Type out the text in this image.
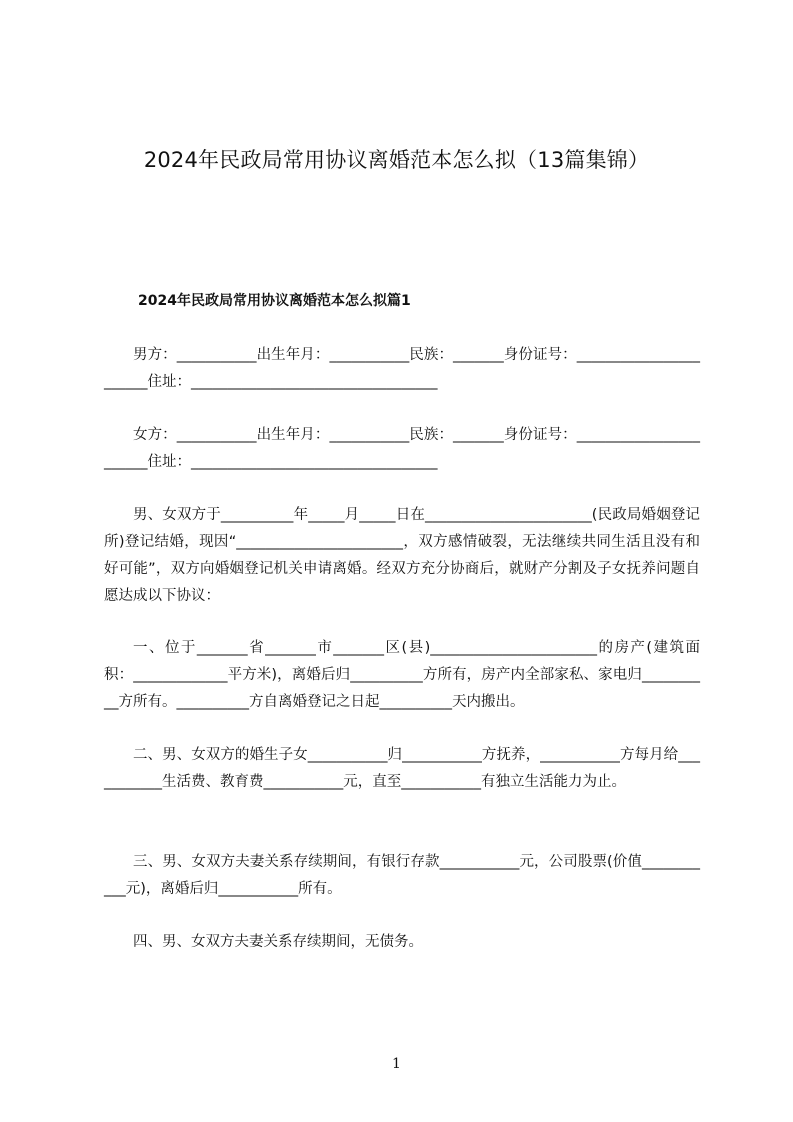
2024年民政局常用协议离婚范本怎么拟（13篇集锦）
2024年民政局常用协议离婚范本怎么拟篇1

男方：___________出生年月：___________民族：_______身份证号：_______________________住址：__________________________________

女方：___________出生年月：___________民族：_______身份证号：_______________________住址：__________________________________

男、女双方于__________年_____月_____日在_______________________(民政局婚姻登记所)登记结婚，现因“_______________________，双方感情破裂，无法继续共同生活且没有和好可能”，双方向婚姻登记机关申请离婚。经双方充分协商后，就财产分割及子女抚养问题自愿达成以下协议：

一、位于_______省_______市_______区(县)_______________________的房产(建筑面积：_____________平方米)，离婚后归__________方所有，房产内全部家私、家电归__________方所有。__________方自离婚登记之日起__________天内搬出。

二、男、女双方的婚生子女___________归___________方抚养，___________方每月给___________生活费、教育费___________元，直至___________有独立生活能力为止。

三、男、女双方夫妻关系存续期间，有银行存款___________元，公司股票(价值___________元)，离婚后归___________所有。

四、男、女双方夫妻关系存续期间，无债务。

1
